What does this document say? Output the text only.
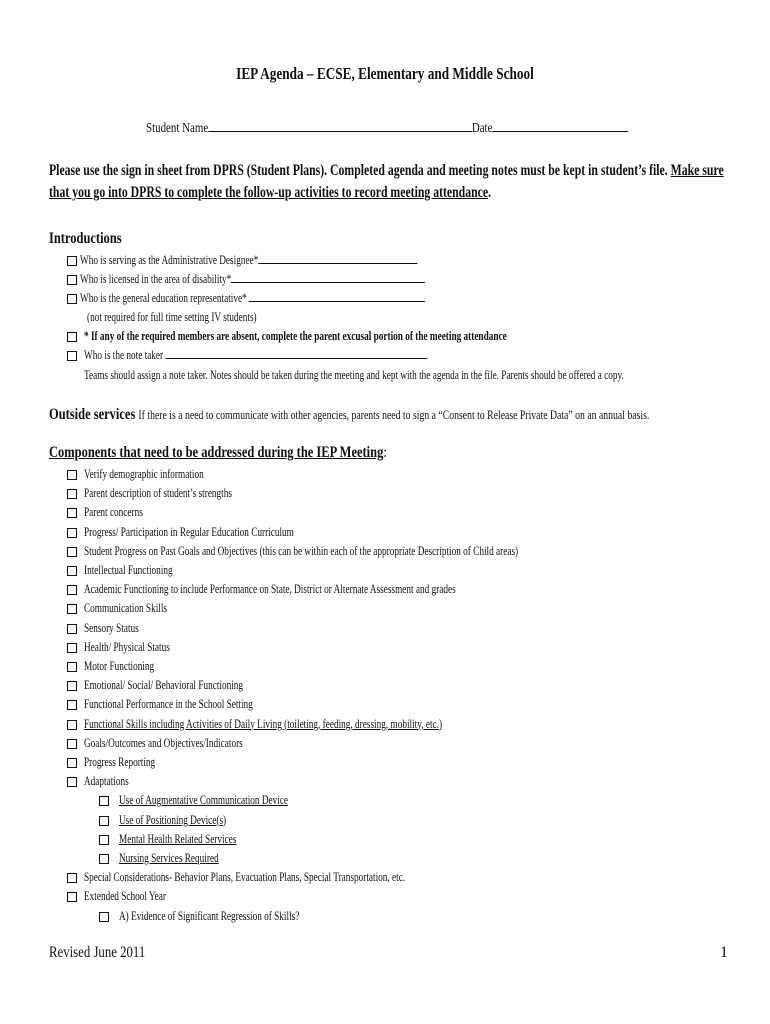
IEP Agenda – ECSE, Elementary and Middle School
Student Name	Date
Please use the sign in sheet from DPRS (Student Plans). Completed agenda and meeting notes must be kept in student’s file. Make sure that you go into DPRS to complete the follow-up activities to record meeting attendance.
Introductions
Who is serving as the Administrative Designee*
Who is licensed in the area of disability*
Who is the general education representative*
(not required for full time setting IV students)
* If any of the required members are absent, complete the parent excusal portion of the meeting attendance
Who is the note taker
Teams should assign a note taker. Notes should be taken during the meeting and kept with the agenda in the file. Parents should be offered a copy.
Outside services If there is a need to communicate with other agencies, parents need to sign a “Consent to Release Private Data” on an annual basis.
Components that need to be addressed during the IEP Meeting:
Verify demographic information
Parent description of student’s strengths
Parent concerns
Progress/ Participation in Regular Education Curriculum
Student Progress on Past Goals and Objectives (this can be within each of the appropriate Description of Child areas)
Intellectual Functioning
Academic Functioning to include Performance on State, District or Alternate Assessment and grades
Communication Skills
Sensory Status
Health/ Physical Status
Motor Functioning
Emotional/ Social/ Behavioral Functioning
Functional Performance in the School Setting
Functional Skills including Activities of Daily Living (toileting, feeding, dressing, mobility, etc.)
Goals/Outcomes and Objectives/Indicators
Progress Reporting
Adaptations
Use of Augmentative Communication Device
Use of Positioning Device(s)
Mental Health Related Services
Nursing Services Required
Special Considerations- Behavior Plans, Evacuation Plans, Special Transportation, etc.
Extended School Year
A) Evidence of Significant Regression of Skills?
Revised June 2011	1
